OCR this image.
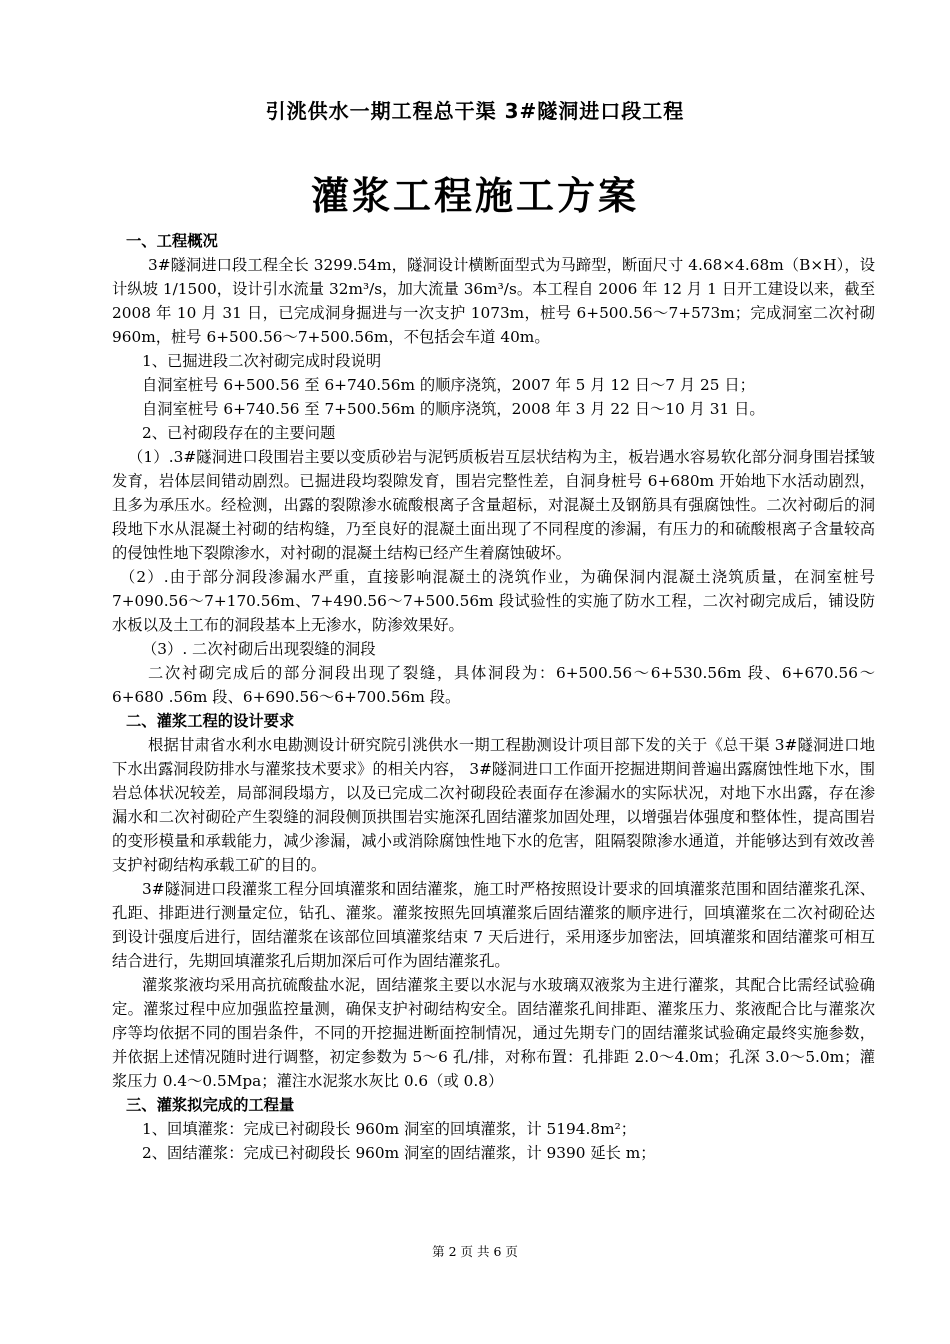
引洮供水一期工程总干渠 3#隧洞进口段工程
灌浆工程施工方案

一、工程概况

3#隧洞进口段工程全长 3299.54m，隧洞设计横断面型式为马蹄型，断面尺寸 4.68×4.68m（B×H），设计纵坡 1/1500，设计引水流量 32m³/s，加大流量 36m³/s。本工程自 2006 年 12 月 1 日开工建设以来，截至 2008 年 10 月 31 日，已完成洞身掘进与一次支护 1073m，桩号 6+500.56～7+573m；完成洞室二次衬砌 960m，桩号 6+500.56～7+500.56m，不包括会车道 40m。

1、已掘进段二次衬砌完成时段说明

自洞室桩号 6+500.56 至 6+740.56m 的顺序浇筑，2007 年 5 月 12 日～7 月 25 日；

自洞室桩号 6+740.56 至 7+500.56m 的顺序浇筑，2008 年 3 月 22 日～10 月 31 日。

2、已衬砌段存在的主要问题

（1）.3#隧洞进口段围岩主要以变质砂岩与泥钙质板岩互层状结构为主，板岩遇水容易软化部分洞身围岩揉皱发育，岩体层间错动剧烈。已掘进段均裂隙发育，围岩完整性差，自洞身桩号 6+680m 开始地下水活动剧烈，且多为承压水。经检测，出露的裂隙渗水硫酸根离子含量超标，对混凝土及钢筋具有强腐蚀性。二次衬砌后的洞段地下水从混凝土衬砌的结构缝，乃至良好的混凝土面出现了不同程度的渗漏，有压力的和硫酸根离子含量较高的侵蚀性地下裂隙渗水，对衬砌的混凝土结构已经产生着腐蚀破坏。

（2）.由于部分洞段渗漏水严重，直接影响混凝土的浇筑作业，为确保洞内混凝土浇筑质量，在洞室桩号 7+090.56～7+170.56m、7+490.56～7+500.56m 段试验性的实施了防水工程，二次衬砌完成后，铺设防水板以及土工布的洞段基本上无渗水，防渗效果好。

（3）. 二次衬砌后出现裂缝的洞段

二次衬砌完成后的部分洞段出现了裂缝，具体洞段为：6+500.56～6+530.56m 段、6+670.56～6+680 .56m 段、6+690.56～6+700.56m 段。

二、灌浆工程的设计要求

根据甘肃省水利水电勘测设计研究院引洮供水一期工程勘测设计项目部下发的关于《总干渠 3#隧洞进口地下水出露洞段防排水与灌浆技术要求》的相关内容， 3#隧洞进口工作面开挖掘进期间普遍出露腐蚀性地下水，围岩总体状况较差，局部洞段塌方，以及已完成二次衬砌段砼表面存在渗漏水的实际状况，对地下水出露，存在渗漏水和二次衬砌砼产生裂缝的洞段侧顶拱围岩实施深孔固结灌浆加固处理，以增强岩体强度和整体性，提高围岩的变形模量和承载能力，减少渗漏，减小或消除腐蚀性地下水的危害，阻隔裂隙渗水通道，并能够达到有效改善支护衬砌结构承载工矿的目的。

3#隧洞进口段灌浆工程分回填灌浆和固结灌浆，施工时严格按照设计要求的回填灌浆范围和固结灌浆孔深、孔距、排距进行测量定位，钻孔、灌浆。灌浆按照先回填灌浆后固结灌浆的顺序进行，回填灌浆在二次衬砌砼达到设计强度后进行，固结灌浆在该部位回填灌浆结束 7 天后进行，采用逐步加密法，回填灌浆和固结灌浆可相互结合进行，先期回填灌浆孔后期加深后可作为固结灌浆孔。

灌浆浆液均采用高抗硫酸盐水泥，固结灌浆主要以水泥与水玻璃双液浆为主进行灌浆，其配合比需经试验确定。灌浆过程中应加强监控量测，确保支护衬砌结构安全。固结灌浆孔间排距、灌浆压力、浆液配合比与灌浆次序等均依据不同的围岩条件，不同的开挖掘进断面控制情况，通过先期专门的固结灌浆试验确定最终实施参数，并依据上述情况随时进行调整，初定参数为 5～6 孔/排，对称布置：孔排距 2.0～4.0m；孔深 3.0～5.0m；灌浆压力 0.4～0.5Mpa；灌注水泥浆水灰比 0.6（或 0.8）

三、灌浆拟完成的工程量

1、回填灌浆：完成已衬砌段长 960m 洞室的回填灌浆，计 5194.8m²；

2、固结灌浆：完成已衬砌段长 960m 洞室的固结灌浆，计 9390 延长 m；

第 2 页 共 6 页
